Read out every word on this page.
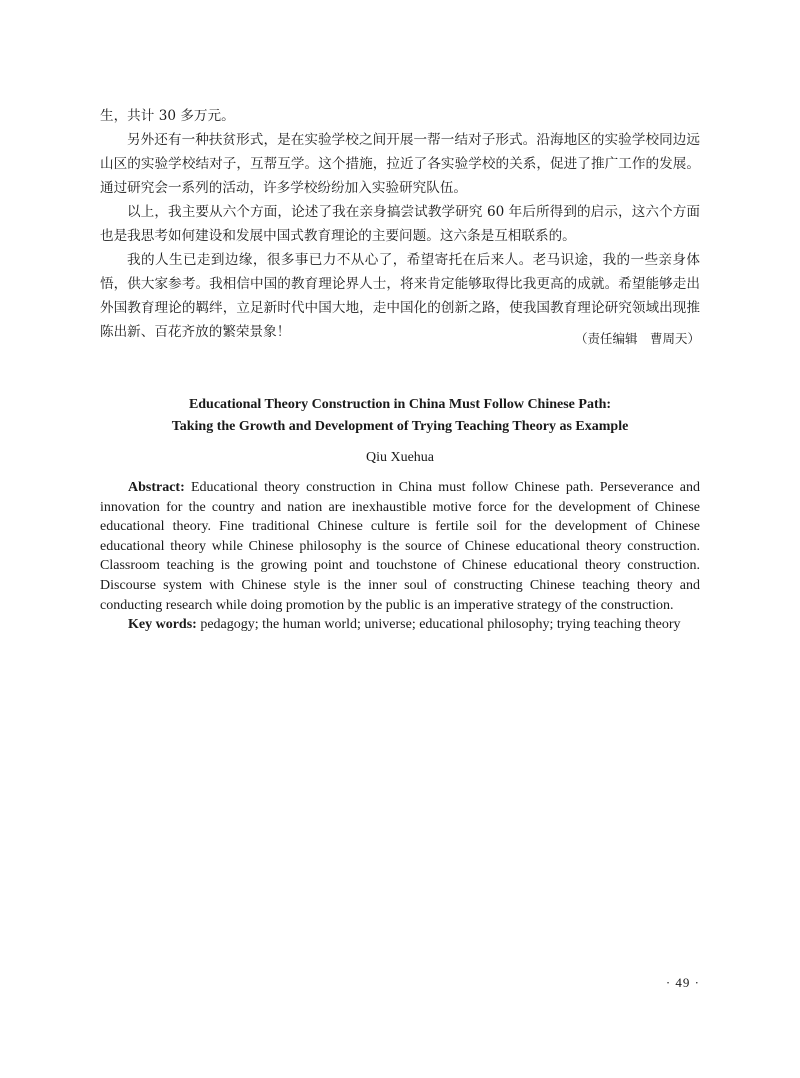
生，共计 30 多万元。

另外还有一种扶贫形式，是在实验学校之间开展一帮一结对子形式。沿海地区的实验学校同边远山区的实验学校结对子，互帮互学。这个措施，拉近了各实验学校的关系，促进了推广工作的发展。通过研究会一系列的活动，许多学校纷纷加入实验研究队伍。

以上，我主要从六个方面，论述了我在亲身搞尝试教学研究 60 年后所得到的启示，这六个方面也是我思考如何建设和发展中国式教育理论的主要问题。这六条是互相联系的。

我的人生已走到边缘，很多事已力不从心了，希望寄托在后来人。老马识途，我的一些亲身体悟，供大家参考。我相信中国的教育理论界人士，将来肯定能够取得比我更高的成就。希望能够走出外国教育理论的羁绊，立足新时代中国大地，走中国化的创新之路，使我国教育理论研究领域出现推陈出新、百花齐放的繁荣景象！	（责任编辑　曹周天）
Educational Theory Construction in China Must Follow Chinese Path:
Taking the Growth and Development of Trying Teaching Theory as Example
Qiu Xuehua

Abstract: Educational theory construction in China must follow Chinese path. Perseverance and innovation for the country and nation are inexhaustible motive force for the development of Chinese educational theory. Fine traditional Chinese culture is fertile soil for the development of Chinese educational theory while Chinese philosophy is the source of Chinese educational theory construction. Classroom teaching is the growing point and touchstone of Chinese educational theory construction. Discourse system with Chinese style is the inner soul of constructing Chinese teaching theory and conducting research while doing promotion by the public is an imperative strategy of the construction.

Key words: pedagogy; the human world; universe; educational philosophy; trying teaching theory

· 49 ·
